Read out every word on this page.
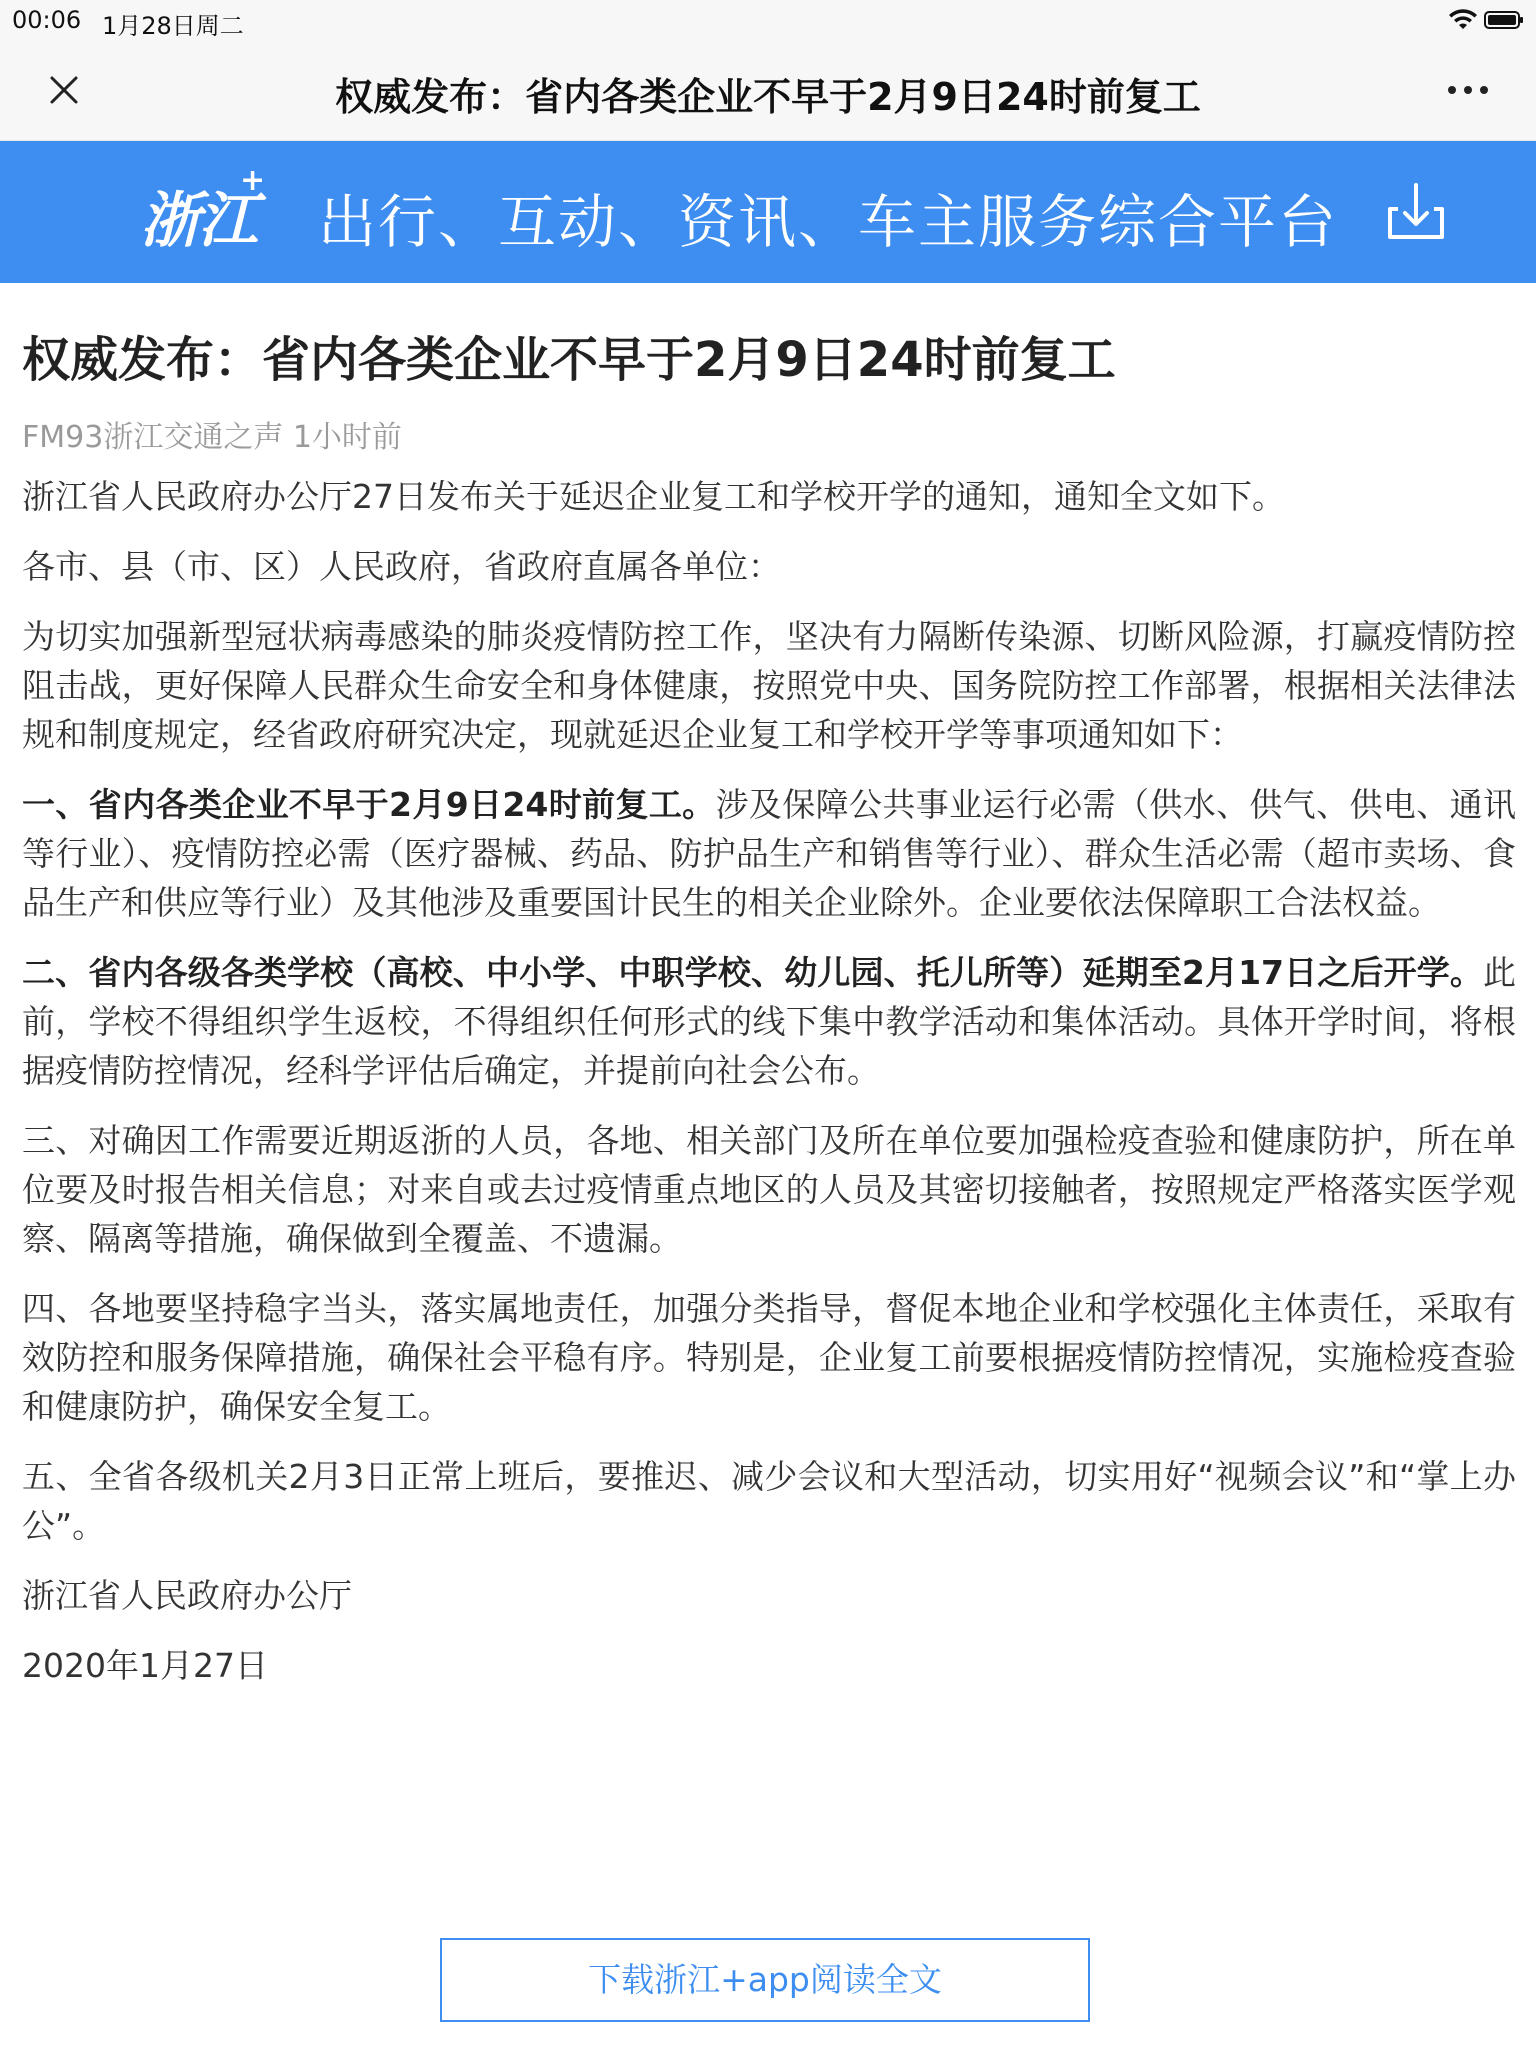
00:06 1月28日周二
权威发布：省内各类企业不早于2月9日24时前复工
浙江
+
出行、互动、资讯、车主服务综合平台
权威发布：省内各类企业不早于2月9日24时前复工
FM93浙江交通之声 1小时前

浙江省人民政府办公厅27日发布关于延迟企业复工和学校开学的通知，通知全文如下。

各市、县（市、区）人民政府，省政府直属各单位：

为切实加强新型冠状病毒感染的肺炎疫情防控工作，坚决有力隔断传染源、切断风险源，打赢疫情防控阻击战，更好保障人民群众生命安全和身体健康，按照党中央、国务院防控工作部署，根据相关法律法规和制度规定，经省政府研究决定，现就延迟企业复工和学校开学等事项通知如下：

一、省内各类企业不早于2月9日24时前复工。涉及保障公共事业运行必需（供水、供气、供电、通讯等行业）、疫情防控必需（医疗器械、药品、防护品生产和销售等行业）、群众生活必需（超市卖场、食品生产和供应等行业）及其他涉及重要国计民生的相关企业除外。企业要依法保障职工合法权益。

二、省内各级各类学校（高校、中小学、中职学校、幼儿园、托儿所等）延期至2月17日之后开学。此前，学校不得组织学生返校，不得组织任何形式的线下集中教学活动和集体活动。具体开学时间，将根据疫情防控情况，经科学评估后确定，并提前向社会公布。

三、对确因工作需要近期返浙的人员，各地、相关部门及所在单位要加强检疫查验和健康防护，所在单位要及时报告相关信息；对来自或去过疫情重点地区的人员及其密切接触者，按照规定严格落实医学观察、隔离等措施，确保做到全覆盖、不遗漏。

四、各地要坚持稳字当头，落实属地责任，加强分类指导，督促本地企业和学校强化主体责任，采取有效防控和服务保障措施，确保社会平稳有序。特别是，企业复工前要根据疫情防控情况，实施检疫查验和健康防护，确保安全复工。

五、全省各级机关2月3日正常上班后，要推迟、减少会议和大型活动，切实用好“视频会议”和“掌上办公”。

浙江省人民政府办公厅

2020年1月27日

下载浙江+app阅读全文
